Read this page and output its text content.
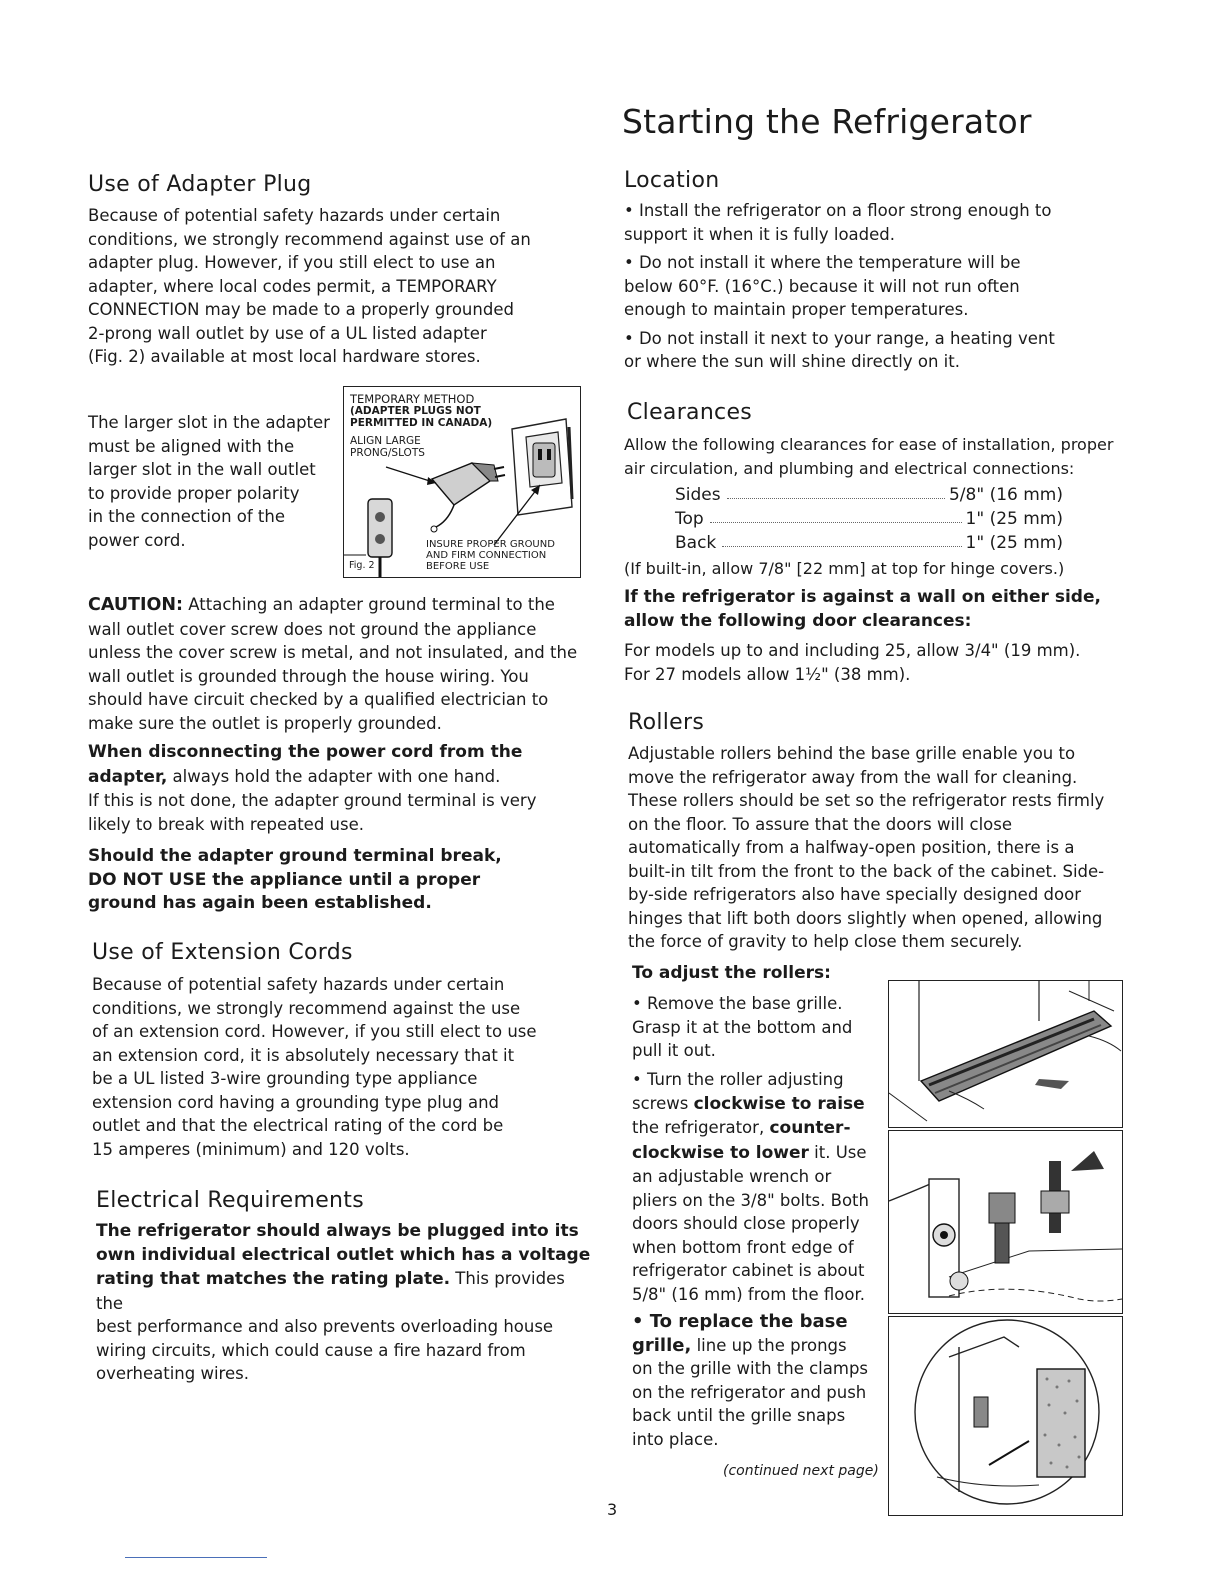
Starting the Refrigerator
Use of Adapter Plug
Because of potential safety hazards under certain
conditions, we strongly recommend against use of an
adapter plug. However, if you still elect to use an
adapter, where local codes permit, a TEMPORARY
CONNECTION may be made to a properly grounded
2-prong wall outlet by use of a UL listed adapter
(Fig. 2) available at most local hardware stores.
The larger slot in the adapter
must be aligned with the
larger slot in the wall outlet
to provide proper polarity
in the connection of the
power cord.
TEMPORARY METHOD
(ADAPTER PLUGS NOT
PERMITTED IN CANADA)
ALIGN LARGE
PRONG/SLOTS
INSURE PROPER GROUND
AND FIRM CONNECTION
BEFORE USE
Fig. 2
CAUTION: Attaching an adapter ground terminal to the
wall outlet cover screw does not ground the appliance
unless the cover screw is metal, and not insulated, and the
wall outlet is grounded through the house wiring. You
should have circuit checked by a qualified electrician to
make sure the outlet is properly grounded.
When disconnecting the power cord from the
adapter, always hold the adapter with one hand.
If this is not done, the adapter ground terminal is very
likely to break with repeated use.
Should the adapter ground terminal break,
DO NOT USE the appliance until a proper
ground has again been established.
Use of Extension Cords
Because of potential safety hazards under certain
conditions, we strongly recommend against the use
of an extension cord. However, if you still elect to use
an extension cord, it is absolutely necessary that it
be a UL listed 3-wire grounding type appliance
extension cord having a grounding type plug and
outlet and that the electrical rating of the cord be
15 amperes (minimum) and 120 volts.
Electrical Requirements
The refrigerator should always be plugged into its
own individual electrical outlet which has a voltage
rating that matches the rating plate. This provides the
best performance and also prevents overloading house
wiring circuits, which could cause a fire hazard from
overheating wires.
Location
• Install the refrigerator on a floor strong enough to
support it when it is fully loaded.
• Do not install it where the temperature will be
below 60°F. (16°C.) because it will not run often
enough to maintain proper temperatures.
• Do not install it next to your range, a heating vent
or where the sun will shine directly on it.
Clearances
Allow the following clearances for ease of installation, proper
air circulation, and plumbing and electrical connections:
Sides	5/8" (16 mm)
Top	1" (25 mm)
Back	1" (25 mm)

(If built-in, allow 7/8" [22 mm] at top for hinge covers.)

If the refrigerator is against a wall on either side,
allow the following door clearances:
For models up to and including 25, allow 3/4" (19 mm).
For 27 models allow 1½" (38 mm).
Rollers
Adjustable rollers behind the base grille enable you to
move the refrigerator away from the wall for cleaning.
These rollers should be set so the refrigerator rests firmly
on the floor. To assure that the doors will close
automatically from a halfway-open position, there is a
built-in tilt from the front to the back of the cabinet. Side-
by-side refrigerators also have specially designed door
hinges that lift both doors slightly when opened, allowing
the force of gravity to help close them securely.

To adjust the rollers:

• Remove the base grille.
Grasp it at the bottom and
pull it out.
• Turn the roller adjusting
screws clockwise to raise
the refrigerator, counter-
clockwise to lower it. Use
an adjustable wrench or
pliers on the 3/8" bolts. Both
doors should close properly
when bottom front edge of
refrigerator cabinet is about
5/8" (16 mm) from the floor.
• To replace the base
grille, line up the prongs
on the grille with the clamps
on the refrigerator and push
back until the grille snaps
into place.
(continued next page)
3
